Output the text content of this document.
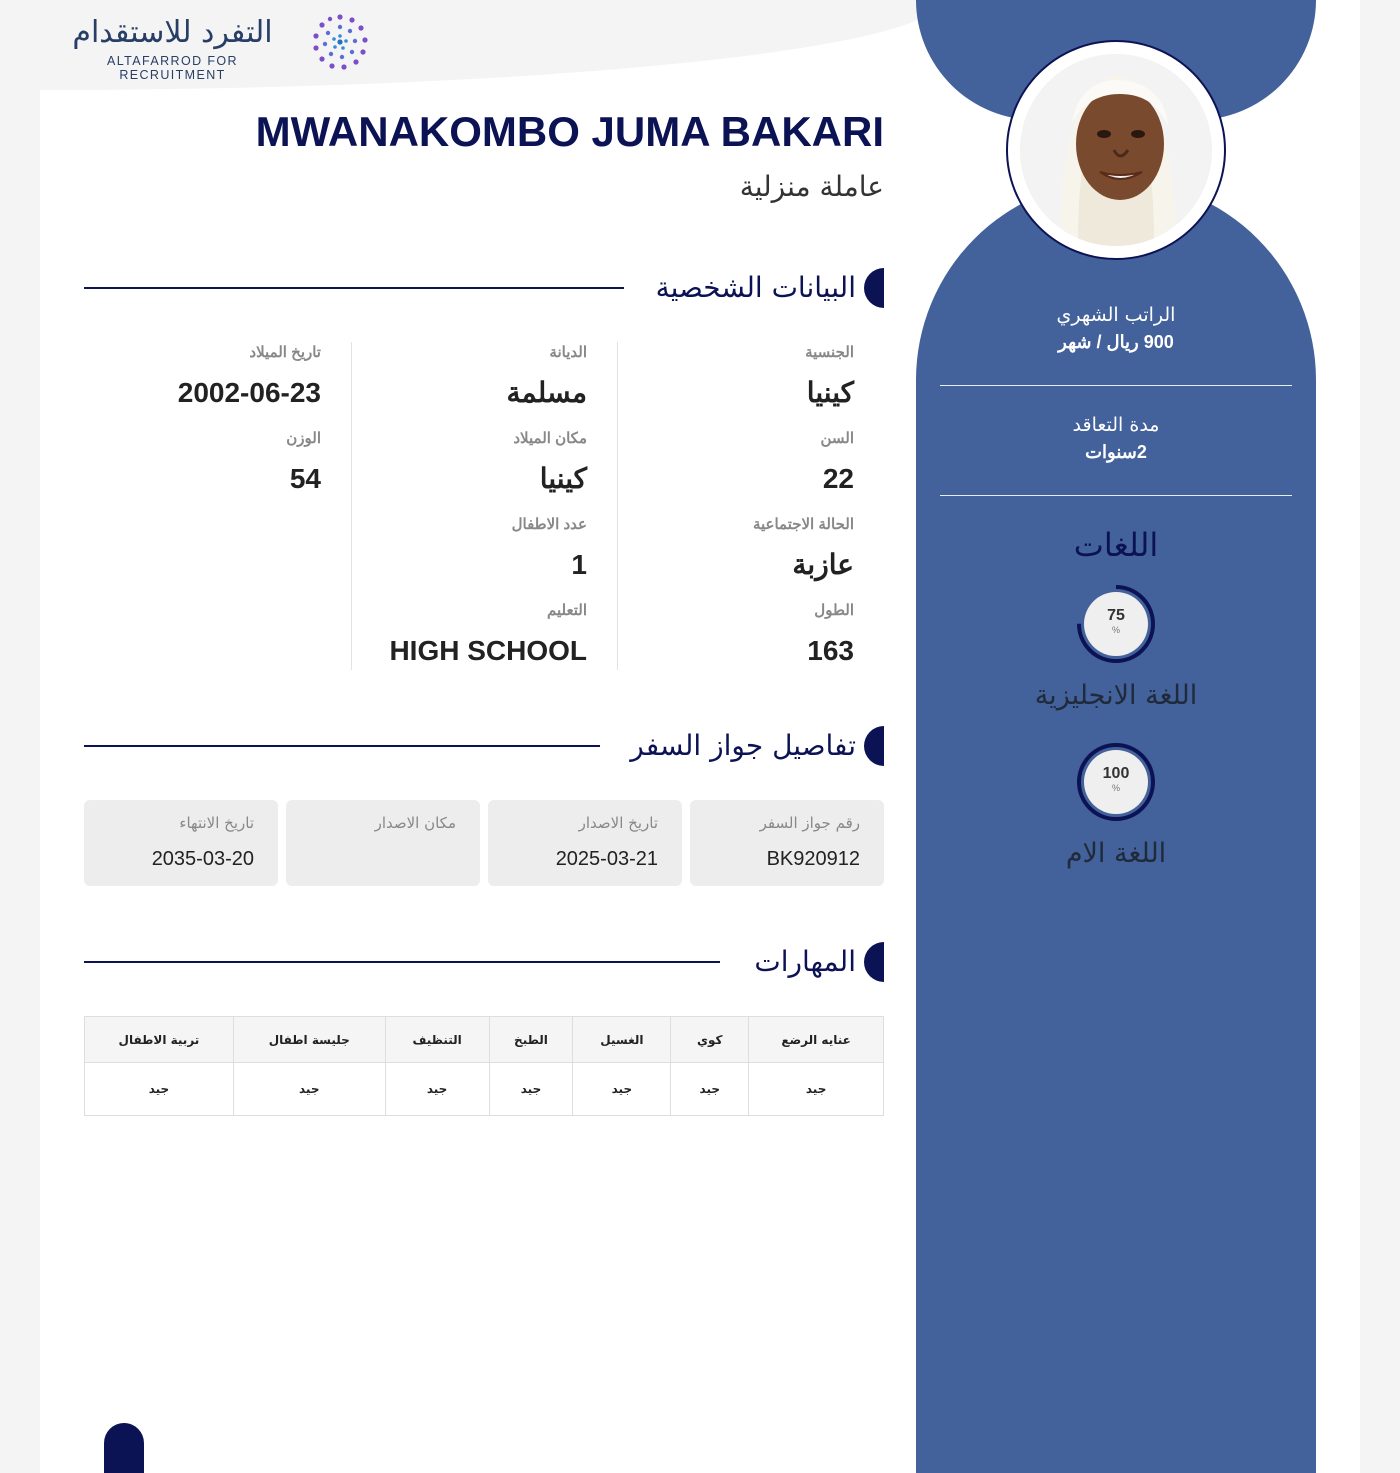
التفرد للاستقدام
ALTAFARROD FOR RECRUITMENT
الراتب الشهري
900 ريال / شهر
مدة التعاقد
2سنوات
اللغات
75
%
اللغة الانجليزية
100
%
اللغة الام
MWANAKOMBO JUMA BAKARI
عاملة منزلية
البيانات الشخصية
الجنسية
كينيا
السن
22
الحالة الاجتماعية
عازبة
الطول
163
الديانة
مسلمة
مكان الميلاد
كينيا
عدد الاطفال
1
التعليم
HIGH SCHOOL
تاريخ الميلاد
2002-06-23
الوزن
54
تفاصيل جواز السفر
رقم جواز السفر
BK920912
تاريخ الاصدار
2025-03-21
مكان الاصدار
تاريخ الانتهاء
2035-03-20
المهارات
عنايه الرضع	كوي	الغسيل	الطبخ	التنظيف	جليسة اطفال	تربية الاطفال
جيد	جيد	جيد	جيد	جيد	جيد	جيد
